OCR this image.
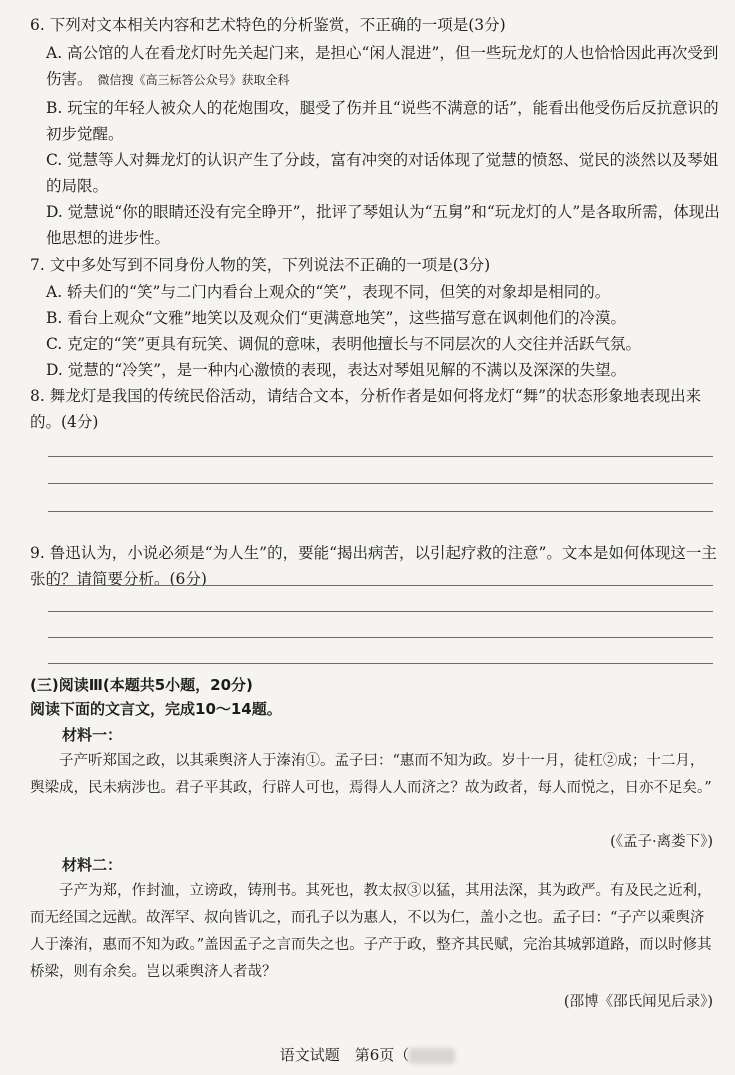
6. 下列对文本相关内容和艺术特色的分析鉴赏，不正确的一项是(3分)
A. 高公馆的人在看龙灯时先关起门来，是担心“闲人混进”，但一些玩龙灯的人也恰恰因此再次受到伤害。 微信搜《高三标答公众号》获取全科
B. 玩宝的年轻人被众人的花炮围攻，腿受了伤并且“说些不满意的话”，能看出他受伤后反抗意识的初步觉醒。
C. 觉慧等人对舞龙灯的认识产生了分歧，富有冲突的对话体现了觉慧的愤怒、觉民的淡然以及琴姐的局限。
D. 觉慧说“你的眼睛还没有完全睁开”，批评了琴姐认为“五舅”和“玩龙灯的人”是各取所需，体现出他思想的进步性。
7. 文中多处写到不同身份人物的笑，下列说法不正确的一项是(3分)
A. 轿夫们的“笑”与二门内看台上观众的“笑”，表现不同，但笑的对象却是相同的。
B. 看台上观众“文雅”地笑以及观众们“更满意地笑”，这些描写意在讽刺他们的冷漠。
C. 克定的“笑”更具有玩笑、调侃的意味，表明他擅长与不同层次的人交往并活跃气氛。
D. 觉慧的“冷笑”，是一种内心激愤的表现，表达对琴姐见解的不满以及深深的失望。
8. 舞龙灯是我国的传统民俗活动，请结合文本，分析作者是如何将龙灯“舞”的状态形象地表现出来的。(4分)
9. 鲁迅认为，小说必须是“为人生”的，要能“揭出病苦，以引起疗救的注意”。文本是如何体现这一主张的？请简要分析。(6分)
(三)阅读Ⅲ(本题共5小题，20分)
阅读下面的文言文，完成10～14题。
材料一：
子产听郑国之政，以其乘舆济人于溱洧①。孟子曰：“惠而不知为政。岁十一月，徒杠②成；十二月，舆梁成，民未病涉也。君子平其政，行辟人可也，焉得人人而济之？故为政者，每人而悦之，日亦不足矣。”
(《孟子·离娄下》)
材料二：
子产为郑，作封洫，立谤政，铸刑书。其死也，教太叔③以猛，其用法深，其为政严。有及民之近利，而无经国之远猷。故浑罕、叔向皆讥之，而孔子以为惠人，不以为仁，盖小之也。孟子曰：“子产以乘舆济人于溱洧，惠而不知为政。”盖因孟子之言而失之也。子产于政，整齐其民赋，完治其城郭道路，而以时修其桥梁，则有余矣。岂以乘舆济人者哉？
(邵博《邵氏闻见后录》)
语文试题　第6页（
